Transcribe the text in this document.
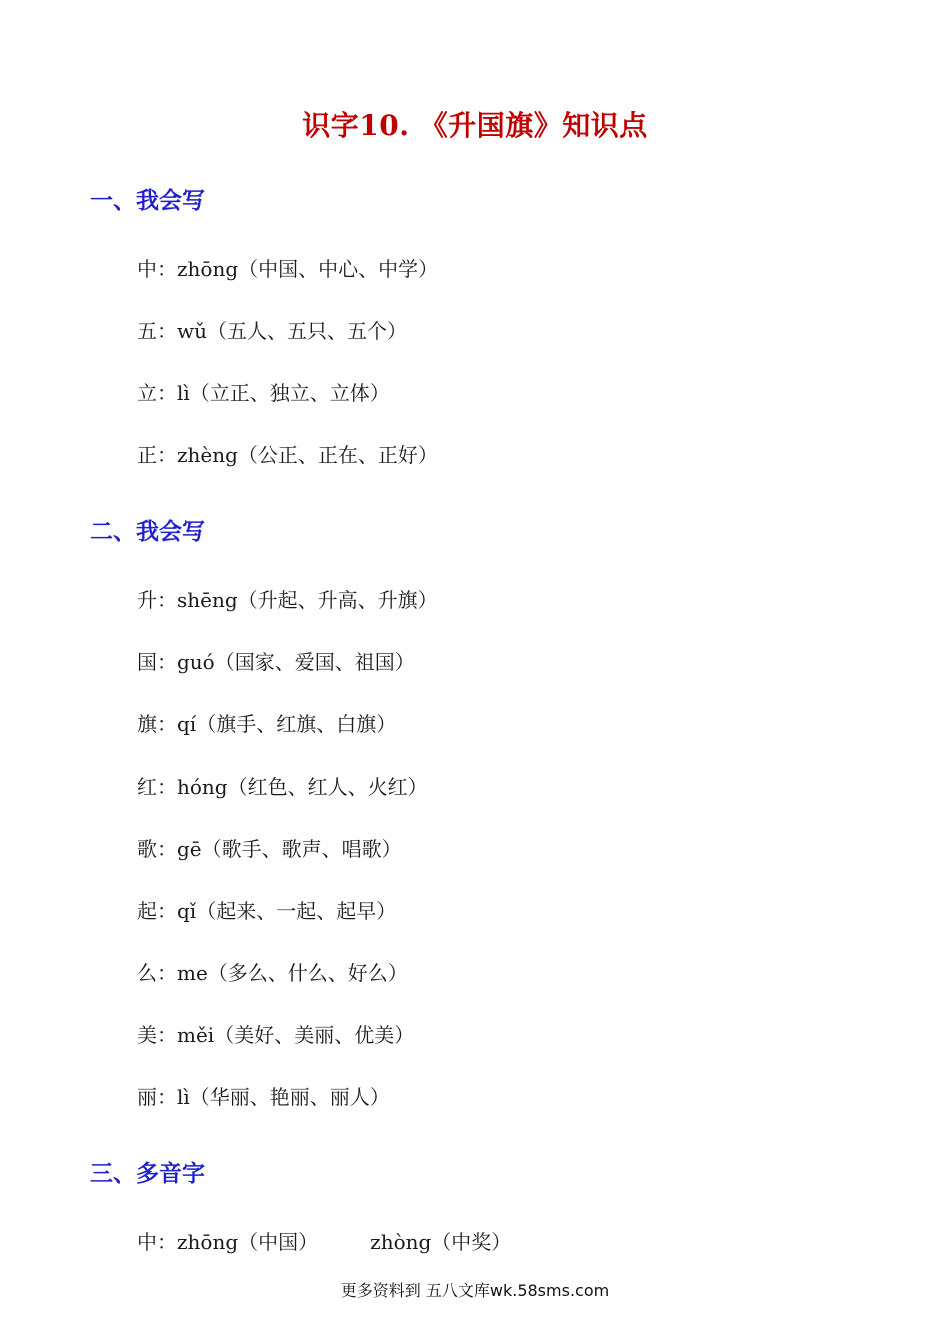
识字10. 《升国旗》知识点
一、我会写
中：zhōng（中国、中心、中学）
五：wǔ（五人、五只、五个）
立：lì（立正、独立、立体）
正：zhèng（公正、正在、正好）
二、我会写
升：shēng（升起、升高、升旗）
国：guó（国家、爱国、祖国）
旗：qí（旗手、红旗、白旗）
红：hóng（红色、红人、火红）
歌：gē（歌手、歌声、唱歌）
起：qǐ（起来、一起、起早）
么：me（多么、什么、好么）
美：měi（美好、美丽、优美）
丽：lì（华丽、艳丽、丽人）
三、多音字
中：zhōng（中国）	zhòng（中奖）
更多资料到 五八文库wk.58sms.com
